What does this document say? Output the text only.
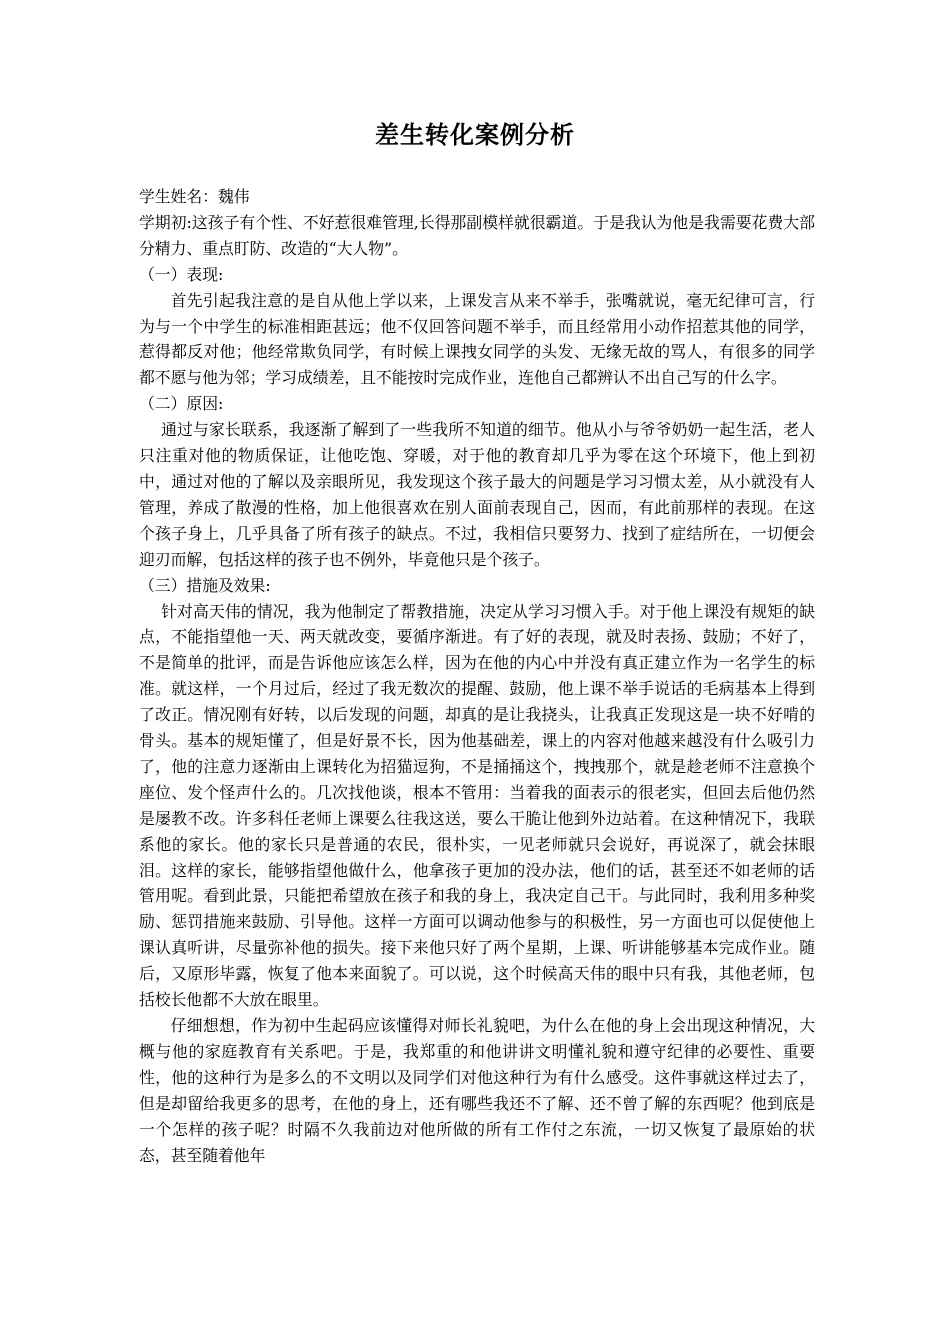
差生转化案例分析

学生姓名：魏伟

学期初:这孩子有个性、不好惹很难管理,长得那副模样就很霸道。于是我认为他是我需要花费大部分精力、重点盯防、改造的“大人物”。

（一）表现:

首先引起我注意的是自从他上学以来，上课发言从来不举手，张嘴就说，毫无纪律可言，行为与一个中学生的标准相距甚远；他不仅回答问题不举手，而且经常用小动作招惹其他的同学，惹得都反对他；他经常欺负同学，有时候上课拽女同学的头发、无缘无故的骂人，有很多的同学都不愿与他为邻；学习成绩差，且不能按时完成作业，连他自己都辨认不出自己写的什么字。

（二）原因:

通过与家长联系，我逐渐了解到了一些我所不知道的细节。他从小与爷爷奶奶一起生活，老人只注重对他的物质保证，让他吃饱、穿暖，对于他的教育却几乎为零在这个环境下，他上到初中，通过对他的了解以及亲眼所见，我发现这个孩子最大的问题是学习习惯太差，从小就没有人管理，养成了散漫的性格，加上他很喜欢在别人面前表现自己，因而，有此前那样的表现。在这个孩子身上，几乎具备了所有孩子的缺点。不过，我相信只要努力、找到了症结所在，一切便会迎刃而解，包括这样的孩子也不例外，毕竟他只是个孩子。

（三）措施及效果:

针对高天伟的情况，我为他制定了帮教措施，决定从学习习惯入手。对于他上课没有规矩的缺点，不能指望他一天、两天就改变，要循序渐进。有了好的表现，就及时表扬、鼓励；不好了，不是简单的批评，而是告诉他应该怎么样，因为在他的内心中并没有真正建立作为一名学生的标准。就这样，一个月过后，经过了我无数次的提醒、鼓励，他上课不举手说话的毛病基本上得到了改正。情况刚有好转，以后发现的问题，却真的是让我挠头，让我真正发现这是一块不好啃的骨头。基本的规矩懂了，但是好景不长，因为他基础差，课上的内容对他越来越没有什么吸引力了，他的注意力逐渐由上课转化为招猫逗狗，不是捅捅这个，拽拽那个，就是趁老师不注意换个座位、发个怪声什么的。几次找他谈，根本不管用：当着我的面表示的很老实，但回去后他仍然是屡教不改。许多科任老师上课要么往我这送，要么干脆让他到外边站着。在这种情况下，我联系他的家长。他的家长只是普通的农民，很朴实，一见老师就只会说好，再说深了，就会抹眼泪。这样的家长，能够指望他做什么，他拿孩子更加的没办法，他们的话，甚至还不如老师的话管用呢。看到此景，只能把希望放在孩子和我的身上，我决定自己干。与此同时，我利用多种奖励、惩罚措施来鼓励、引导他。这样一方面可以调动他参与的积极性，另一方面也可以促使他上课认真听讲，尽量弥补他的损失。接下来他只好了两个星期，上课、听讲能够基本完成作业。随后，又原形毕露，恢复了他本来面貌了。可以说，这个时候高天伟的眼中只有我，其他老师，包括校长他都不大放在眼里。

仔细想想，作为初中生起码应该懂得对师长礼貌吧，为什么在他的身上会出现这种情况，大概与他的家庭教育有关系吧。于是，我郑重的和他讲讲文明懂礼貌和遵守纪律的必要性、重要性，他的这种行为是多么的不文明以及同学们对他这种行为有什么感受。这件事就这样过去了，但是却留给我更多的思考，在他的身上，还有哪些我还不了解、还不曾了解的东西呢？他到底是一个怎样的孩子呢？时隔不久我前边对他所做的所有工作付之东流，一切又恢复了最原始的状态，甚至随着他年
